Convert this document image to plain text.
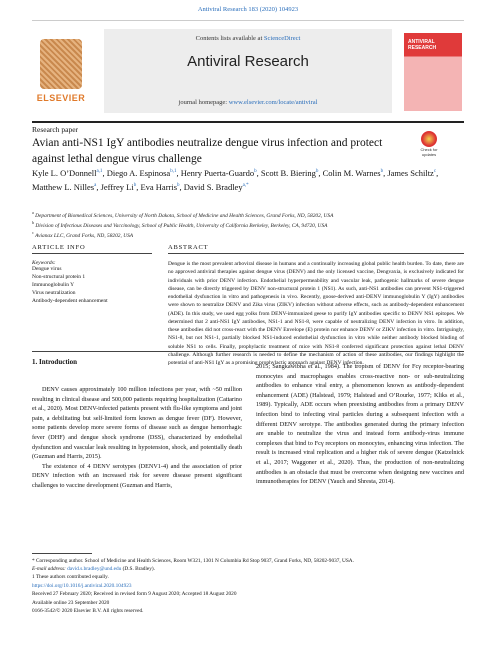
Antiviral Research 183 (2020) 104923
ELSEVIER
Contents lists available at ScienceDirect
Antiviral Research
journal homepage: www.elsevier.com/locate/antiviral
ANTIVIRAL RESEARCH
Research paper
Avian anti-NS1 IgY antibodies neutralize dengue virus infection and protect against lethal dengue virus challenge
Check for updates
Kyle L. O’Donnell$^{a,1}$, Diego A. Espinosa$^{b,1}$, Henry Puerta-Guardo$^b$, Scott B. Biering$^b$, Colin M. Warnes$^b$, James Schiltz$^c$, Matthew L. Nilles$^a$, Jeffrey Li$^b$, Eva Harris$^b$, David S. Bradley$^{a,*}$
$^a$ Department of Biomedical Sciences, University of North Dakota, School of Medicine and Health Sciences, Grand Forks, ND, 58202, USA
$^b$ Division of Infectious Diseases and Vaccinology, School of Public Health, University of California Berkeley, Berkeley, CA, 94720, USA
$^c$ Avianax LLC, Grand Forks, ND, 58202, USA
ARTICLE INFO
Keywords:
Dengue virus
Non-structural protein 1
Immunoglobulin Y
Virus neutralization
Antibody-dependent enhancement
ABSTRACT
Dengue is the most prevalent arboviral disease in humans and a continually increasing global public health burden. To date, there are no approved antiviral therapies against dengue virus (DENV) and the only licensed vaccine, Dengvaxia, is exclusively indicated for individuals with prior DENV infection. Endothelial hyperpermeability and vascular leak, pathogenic hallmarks of severe dengue disease, can be directly triggered by DENV non-structural protein 1 (NS1). As such, anti-NS1 antibodies can prevent NS1-triggered endothelial dysfunction in vitro and pathogenesis in vivo. Recently, goose-derived anti-DENV immunoglobulin Y (IgY) antibodies were shown to neutralize DENV and Zika virus (ZIKV) infection without adverse effects, such as antibody-dependent enhancement (ADE). In this study, we used egg yolks from DENV-immunized geese to purify IgY antibodies specific to DENV NS1 epitopes. We determined that 2 anti-NS1 IgY antibodies, NS1-1 and NS1-8, were capable of neutralizing DENV infection in vitro. In addition, these antibodies did not cross-react with the DENV Envelope (E) protein nor enhance DENV or ZIKV infection in vitro. Intriguingly, NS1-8, but not NS1-1, partially blocked NS1-induced endothelial dysfunction in vitro while neither antibody blocked binding of soluble NS1 to cells. Finally, prophylactic treatment of mice with NS1-8 conferred significant protection against lethal DENV challenge. Although further research is needed to define the mechanism of action of these antibodies, our findings highlight the potential of anti-NS1 IgY as a promising prophylactic approach against DENV infection.
1. Introduction

DENV causes approximately 100 million infections per year, with ~50 million resulting in clinical disease and 500,000 patients requiring hospitalization (Cattarino et al., 2020). Most DENV-infected patients present with flu-like symptoms and joint pain, a debilitating but self-limited form known as dengue fever (DF). However, some patients develop more severe forms of disease such as dengue hemorrhagic fever (DHF) and dengue shock syndrome (DSS), characterized by endothelial dysfunction and vascular leak resulting in hypotension, shock, and potentially death (Guzman and Harris, 2015).

The existence of 4 DENV serotypes (DENV1-4) and the association of prior DENV infection with an increased risk for severe disease present significant challenges to vaccine development (Guzman and Harris,

2015; Sangkawibha et al., 1984). The tropism of DENV for Fcγ receptor-bearing monocytes and macrophages enables cross-reactive non- or sub-neutralizing antibodies to enhance viral entry, a phenomenon known as antibody-dependent enhancement (ADE) (Halstead, 1979; Halstead and O’Rourke, 1977; Kliks et al., 1989). Typically, ADE occurs when preexisting antibodies from a primary DENV infection bind to infecting viral particles during a subsequent infection with a different DENV serotype. The antibodies generated during the primary infection are unable to neutralize the virus and instead form antibody-virus immune complexes that bind to Fcγ receptors on monocytes, enhancing virus infection. The result is increased viral replication and a higher risk of severe dengue (Katzelnick et al., 2017; Waggoner et al., 2020). Thus, the production of non-neutralizing antibodies is an obstacle that must be overcome when designing new vaccines and immunotherapies for DENV (Yauch and Shresta, 2014).

* Corresponding author. School of Medicine and Health Sciences, Room W321, 1301 N Columbia Rd Stop 9037, Grand Forks, ND, 58202-9037, USA.
E-mail address: david.s.bradley@und.edu (D.S. Bradley).
1 These authors contributed equally.
https://doi.org/10.1016/j.antiviral.2020.104923
Received 27 February 2020; Received in revised form 9 August 2020; Accepted 18 August 2020
Available online 23 September 2020
0166-3542/© 2020 Elsevier B.V. All rights reserved.
